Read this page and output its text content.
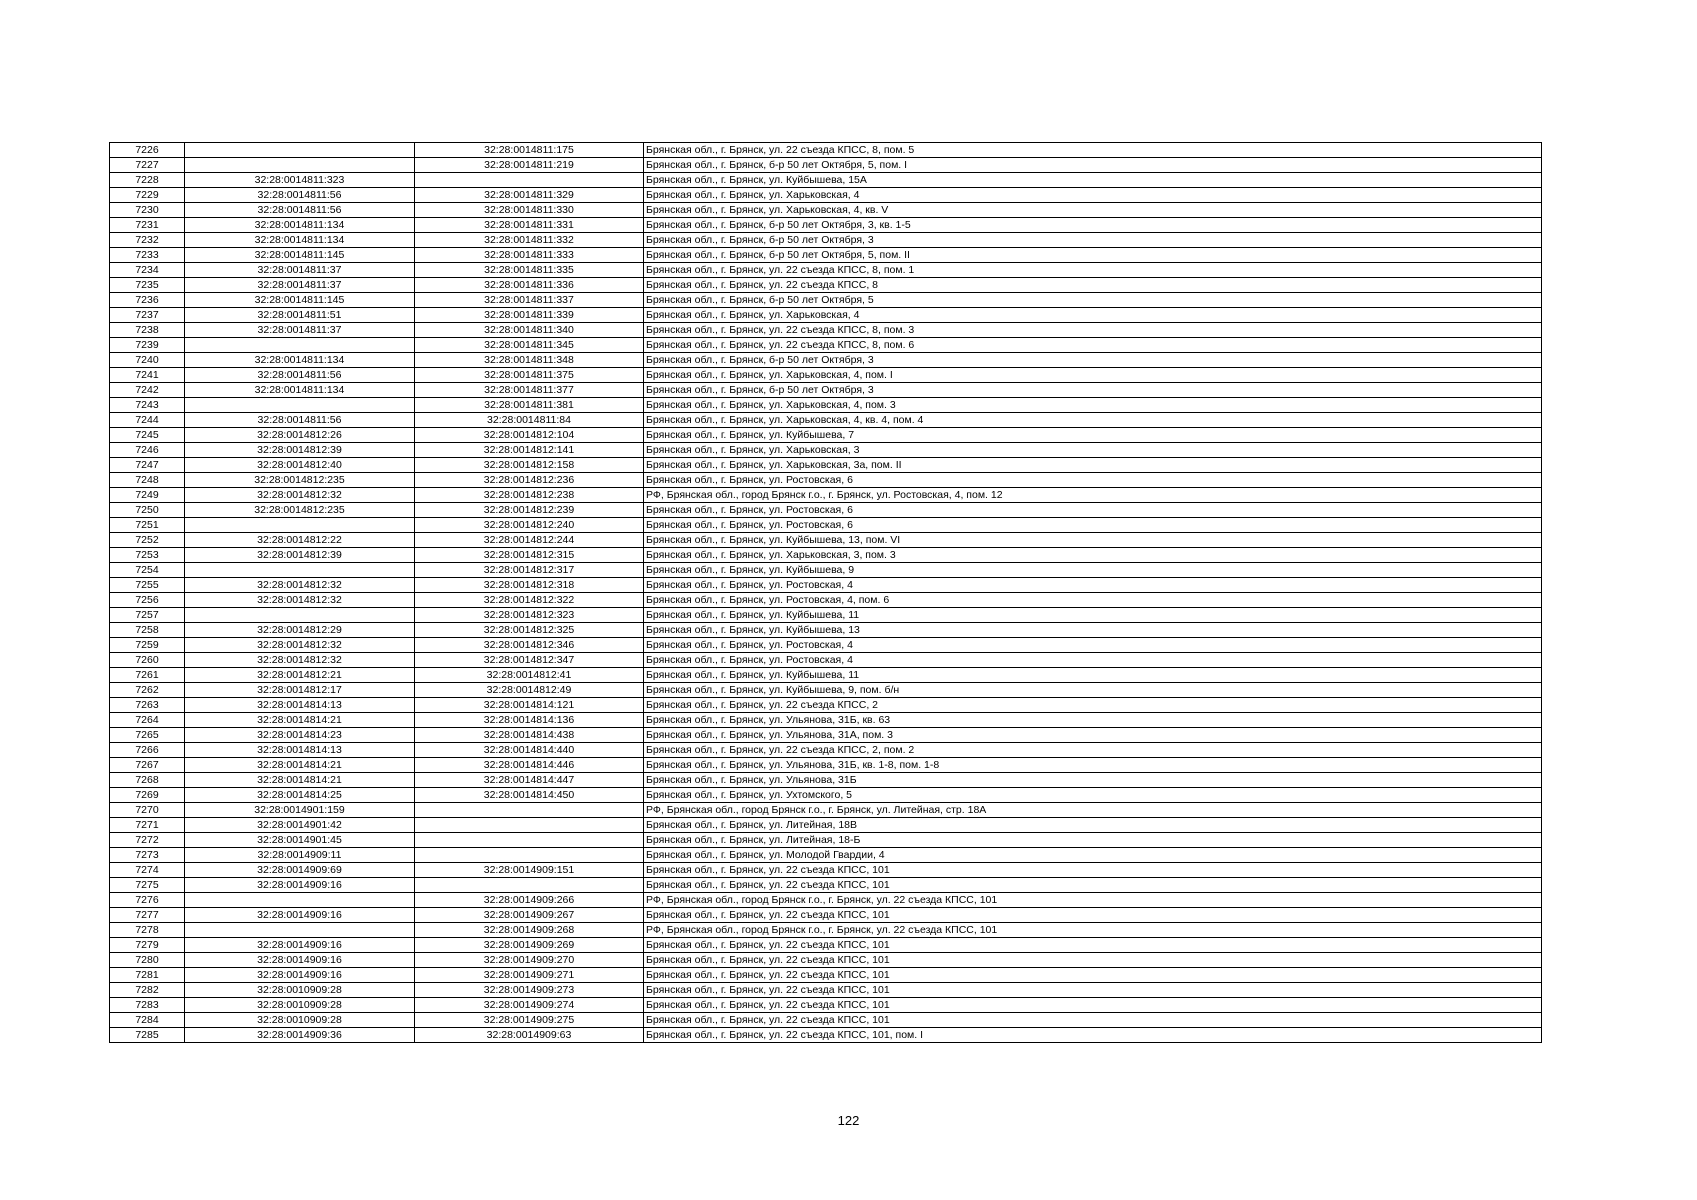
7226		32:28:0014811:175	Брянская обл., г. Брянск, ул. 22 съезда КПСС, 8, пом. 5
7227		32:28:0014811:219	Брянская обл., г. Брянск, б-р 50 лет Октября, 5, пом. I
7228	32:28:0014811:323		Брянская обл., г. Брянск, ул. Куйбышева, 15А
7229	32:28:0014811:56	32:28:0014811:329	Брянская обл., г. Брянск, ул. Харьковская, 4
7230	32:28:0014811:56	32:28:0014811:330	Брянская обл., г. Брянск, ул. Харьковская, 4, кв. V
7231	32:28:0014811:134	32:28:0014811:331	Брянская обл., г. Брянск, б-р 50 лет Октября, 3, кв. 1-5
7232	32:28:0014811:134	32:28:0014811:332	Брянская обл., г. Брянск, б-р 50 лет Октября, 3
7233	32:28:0014811:145	32:28:0014811:333	Брянская обл., г. Брянск, б-р 50 лет Октября, 5, пом. II
7234	32:28:0014811:37	32:28:0014811:335	Брянская обл., г. Брянск, ул. 22 съезда КПСС, 8, пом. 1
7235	32:28:0014811:37	32:28:0014811:336	Брянская обл., г. Брянск, ул. 22 съезда КПСС, 8
7236	32:28:0014811:145	32:28:0014811:337	Брянская обл., г. Брянск, б-р 50 лет Октября, 5
7237	32:28:0014811:51	32:28:0014811:339	Брянская обл., г. Брянск, ул. Харьковская, 4
7238	32:28:0014811:37	32:28:0014811:340	Брянская обл., г. Брянск, ул. 22 съезда КПСС, 8, пом. 3
7239		32:28:0014811:345	Брянская обл., г. Брянск, ул. 22 съезда КПСС, 8, пом. 6
7240	32:28:0014811:134	32:28:0014811:348	Брянская обл., г. Брянск, б-р 50 лет Октября, 3
7241	32:28:0014811:56	32:28:0014811:375	Брянская обл., г. Брянск, ул. Харьковская, 4, пом. I
7242	32:28:0014811:134	32:28:0014811:377	Брянская обл., г. Брянск, б-р 50 лет Октября, 3
7243		32:28:0014811:381	Брянская обл., г. Брянск, ул. Харьковская, 4, пом. 3
7244	32:28:0014811:56	32:28:0014811:84	Брянская обл., г. Брянск, ул. Харьковская, 4, кв. 4, пом. 4
7245	32:28:0014812:26	32:28:0014812:104	Брянская обл., г. Брянск, ул. Куйбышева, 7
7246	32:28:0014812:39	32:28:0014812:141	Брянская обл., г. Брянск, ул. Харьковская, 3
7247	32:28:0014812:40	32:28:0014812:158	Брянская обл., г. Брянск, ул. Харьковская, 3а, пом. II
7248	32:28:0014812:235	32:28:0014812:236	Брянская обл., г. Брянск, ул. Ростовская, 6
7249	32:28:0014812:32	32:28:0014812:238	РФ, Брянская обл., город Брянск г.о., г. Брянск, ул. Ростовская, 4, пом. 12
7250	32:28:0014812:235	32:28:0014812:239	Брянская обл., г. Брянск, ул. Ростовская, 6
7251		32:28:0014812:240	Брянская обл., г. Брянск, ул. Ростовская, 6
7252	32:28:0014812:22	32:28:0014812:244	Брянская обл., г. Брянск, ул. Куйбышева, 13, пом. VI
7253	32:28:0014812:39	32:28:0014812:315	Брянская обл., г. Брянск, ул. Харьковская, 3, пом. 3
7254		32:28:0014812:317	Брянская обл., г. Брянск, ул. Куйбышева, 9
7255	32:28:0014812:32	32:28:0014812:318	Брянская обл., г. Брянск, ул. Ростовская, 4
7256	32:28:0014812:32	32:28:0014812:322	Брянская обл., г. Брянск, ул. Ростовская, 4, пом. 6
7257		32:28:0014812:323	Брянская обл., г. Брянск, ул. Куйбышева, 11
7258	32:28:0014812:29	32:28:0014812:325	Брянская обл., г. Брянск, ул. Куйбышева, 13
7259	32:28:0014812:32	32:28:0014812:346	Брянская обл., г. Брянск, ул. Ростовская, 4
7260	32:28:0014812:32	32:28:0014812:347	Брянская обл., г. Брянск, ул. Ростовская, 4
7261	32:28:0014812:21	32:28:0014812:41	Брянская обл., г. Брянск, ул. Куйбышева, 11
7262	32:28:0014812:17	32:28:0014812:49	Брянская обл., г. Брянск, ул. Куйбышева, 9, пом. б/н
7263	32:28:0014814:13	32:28:0014814:121	Брянская обл., г. Брянск, ул. 22 съезда КПСС, 2
7264	32:28:0014814:21	32:28:0014814:136	Брянская обл., г. Брянск, ул. Ульянова, 31Б, кв. 63
7265	32:28:0014814:23	32:28:0014814:438	Брянская обл., г. Брянск, ул. Ульянова, 31А, пом. 3
7266	32:28:0014814:13	32:28:0014814:440	Брянская обл., г. Брянск, ул. 22 съезда КПСС, 2, пом. 2
7267	32:28:0014814:21	32:28:0014814:446	Брянская обл., г. Брянск, ул. Ульянова, 31Б, кв. 1-8, пом. 1-8
7268	32:28:0014814:21	32:28:0014814:447	Брянская обл., г. Брянск, ул. Ульянова, 31Б
7269	32:28:0014814:25	32:28:0014814:450	Брянская обл., г. Брянск, ул. Ухтомского, 5
7270	32:28:0014901:159		РФ, Брянская обл., город Брянск г.о., г. Брянск, ул. Литейная, стр. 18А
7271	32:28:0014901:42		Брянская обл., г. Брянск, ул. Литейная, 18В
7272	32:28:0014901:45		Брянская обл., г. Брянск, ул. Литейная, 18-Б
7273	32:28:0014909:11		Брянская обл., г. Брянск, ул. Молодой Гвардии, 4
7274	32:28:0014909:69	32:28:0014909:151	Брянская обл., г. Брянск, ул. 22 съезда КПСС, 101
7275	32:28:0014909:16		Брянская обл., г. Брянск, ул. 22 съезда КПСС, 101
7276		32:28:0014909:266	РФ, Брянская обл., город Брянск г.о., г. Брянск, ул. 22 съезда КПСС, 101
7277	32:28:0014909:16	32:28:0014909:267	Брянская обл., г. Брянск, ул. 22 съезда КПСС, 101
7278		32:28:0014909:268	РФ, Брянская обл., город Брянск г.о., г. Брянск, ул. 22 съезда КПСС, 101
7279	32:28:0014909:16	32:28:0014909:269	Брянская обл., г. Брянск, ул. 22 съезда КПСС, 101
7280	32:28:0014909:16	32:28:0014909:270	Брянская обл., г. Брянск, ул. 22 съезда КПСС, 101
7281	32:28:0014909:16	32:28:0014909:271	Брянская обл., г. Брянск, ул. 22 съезда КПСС, 101
7282	32:28:0010909:28	32:28:0014909:273	Брянская обл., г. Брянск, ул. 22 съезда КПСС, 101
7283	32:28:0010909:28	32:28:0014909:274	Брянская обл., г. Брянск, ул. 22 съезда КПСС, 101
7284	32:28:0010909:28	32:28:0014909:275	Брянская обл., г. Брянск, ул. 22 съезда КПСС, 101
7285	32:28:0014909:36	32:28:0014909:63	Брянская обл., г. Брянск, ул. 22 съезда КПСС, 101, пом. I
122
